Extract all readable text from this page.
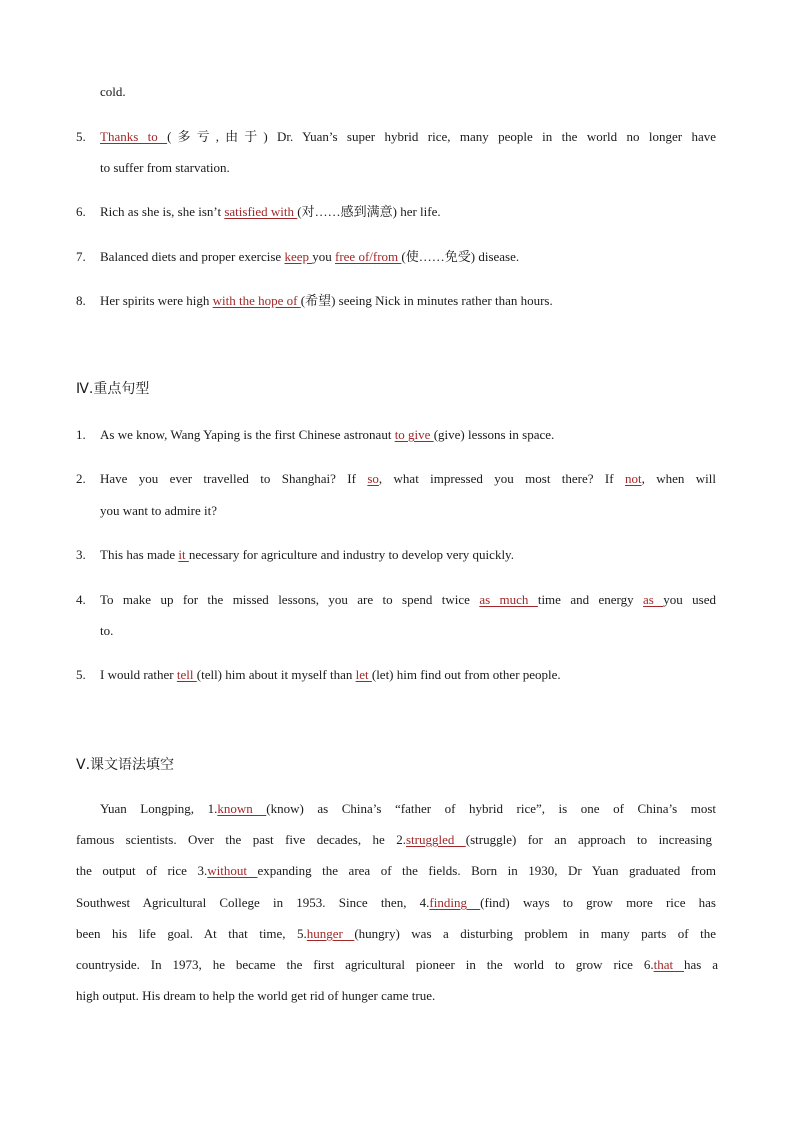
cold.
5. Thanks to (多亏,由于) Dr. Yuan’s super hybrid rice, many people in the world no longer have
to suffer from starvation.
6. Rich as she is, she isn’t satisfied with (对……感到满意) her life.
7. Balanced diets and proper exercise keep you free of/from (使……免受) disease.
8. Her spirits were high with the hope of (希望) seeing Nick in minutes rather than hours.
Ⅳ.重点句型
1. As we know, Wang Yaping is the first Chinese astronaut to give (give) lessons in space.
2. Have you ever travelled to Shanghai? If so, what impressed you most there? If not, when will
you want to admire it?
3. This has made it necessary for agriculture and industry to develop very quickly.
4. To make up for the missed lessons, you are to spend twice as much time and energy as you used
to.
5. I would rather tell (tell) him about it myself than let (let) him find out from other people.
Ⅴ.课文语法填空
Yuan Longping, 1.known (know) as China’s “father of hybrid rice”, is one of China’s most
famous scientists. Over the past five decades, he 2.struggled (struggle) for an approach to increasing
the output of rice 3.without expanding the area of the fields. Born in 1930, Dr Yuan graduated from
Southwest Agricultural College in 1953. Since then, 4.finding (find) ways to grow more rice has
been his life goal. At that time, 5.hunger (hungry) was a disturbing problem in many parts of the
countryside. In 1973, he became the first agricultural pioneer in the world to grow rice 6.that has a
high output. His dream to help the world get rid of hunger came true.
